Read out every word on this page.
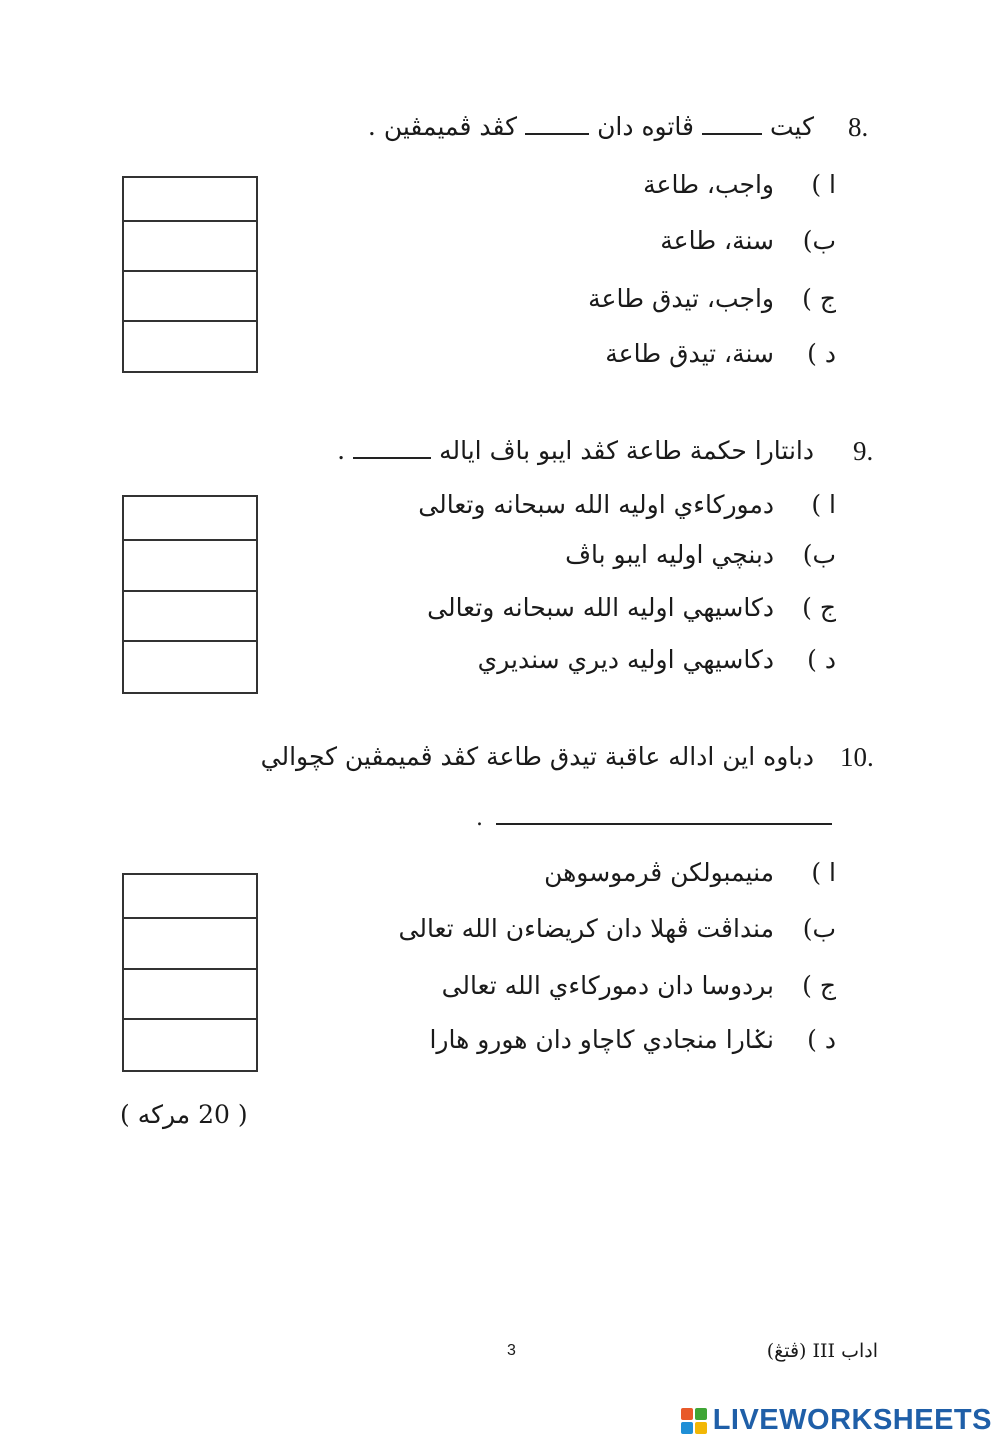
8.
كيتڤاتوه دانكڤد ڤميمڤين .
ا )واجب، طاعة
ب)سنة، طاعة
ج )واجب، تيدق طاعة
د )سنة، تيدق طاعة
9.
دانتارا حكمة طاعة كڤد ايبو باڤ اياله.
ا )دموركاءي اوليه الله سبحانه وتعالى
ب)دبنچي اوليه ايبو باڤ
ج )دكاسيهي اوليه الله سبحانه وتعالى
د )دكاسيهي اوليه ديري سنديري
10.
دباوه اين اداله عاقبة تيدق طاعة كڤد ڤميمڤين كچوالي
.
ا )منيمبولكن ڤرموسوهن
ب)منداڤت ڤهلا دان كريضاءن الله تعالى
ج )بردوسا دان دموركاءي الله تعالى
د )نݢارا منجادي كاچاو دان هورو هارا
( 20 مركه )
اداب III (ڤتڠ)
3
LIVEWORKSHEETS
